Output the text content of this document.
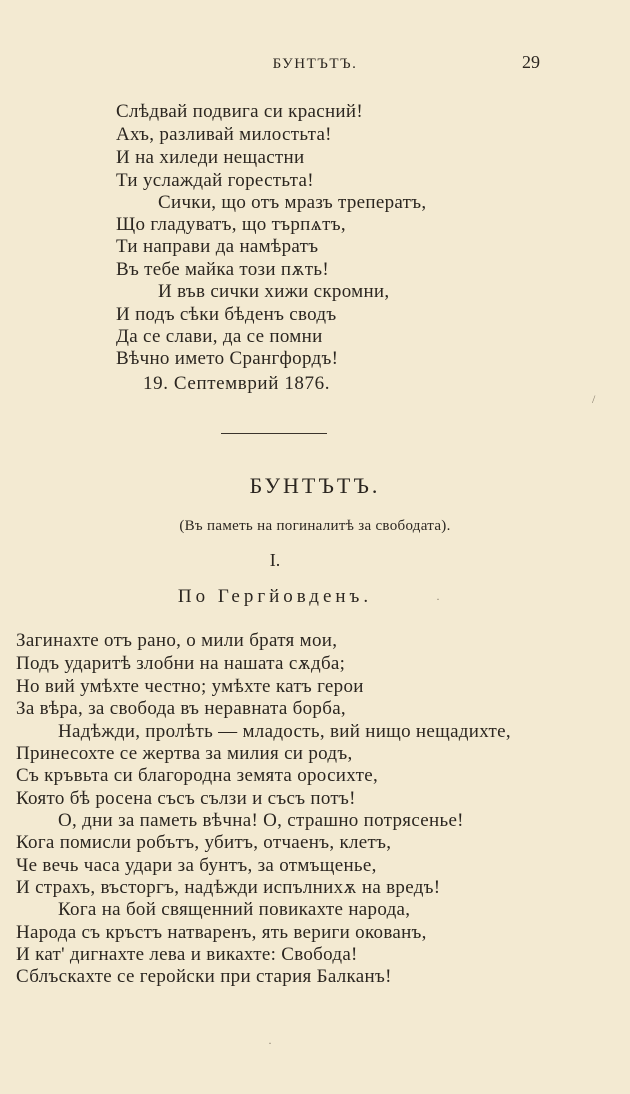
БУНТЪТЪ.	29
Слѣдвай подвига си красний!
Ахъ, разливай милостьта!
И на хиледи нещастни
Ти услаждай горестьта!
Сички, що отъ мразъ треператъ,
Що гладуватъ, що търпѧтъ,
Ти направи да намѣратъ
Въ тебе майка този пѫть!
И във сички хижи скромни,
И подъ сѣки бѣденъ сводъ
Да се слави, да се помни
Вѣчно името Срангфордъ!
19. Септемврий 1876.
БУНТЪТЪ.
(Въ паметь на погиналитѣ за свободата).
I.
По Гергйовденъ.
Загинахте отъ рано, о мили братя мои,
Подъ ударитѣ злобни на нашата сѫдба;
Но вий умѣхте честно; умѣхте катъ герои
За вѣра, за свобода въ неравната борба,
Надѣжди, пролѣть — младость, вий нищо нещадихте,
Принесохте се жертва за милия си родъ,
Съ кръвьта си благородна земята оросихте,
Която бѣ росена съсъ сълзи и съсъ потъ!
О, дни за паметь вѣчна! О, страшно потрясенье!
Кога помисли робътъ, убитъ, отчаенъ, клетъ,
Че вечь часа удари за бунтъ, за отмъщенье,
И страхъ, въсторгъ, надѣжди испълнихѫ на вредъ!
Кога на бой священний повикахте народа,
Народа съ кръстъ натваренъ, ять вериги окованъ,
И кат' дигнахте лева и викахте: Свобода!
Сблъскахте се геройски при стария Балканъ!
/
·
·
